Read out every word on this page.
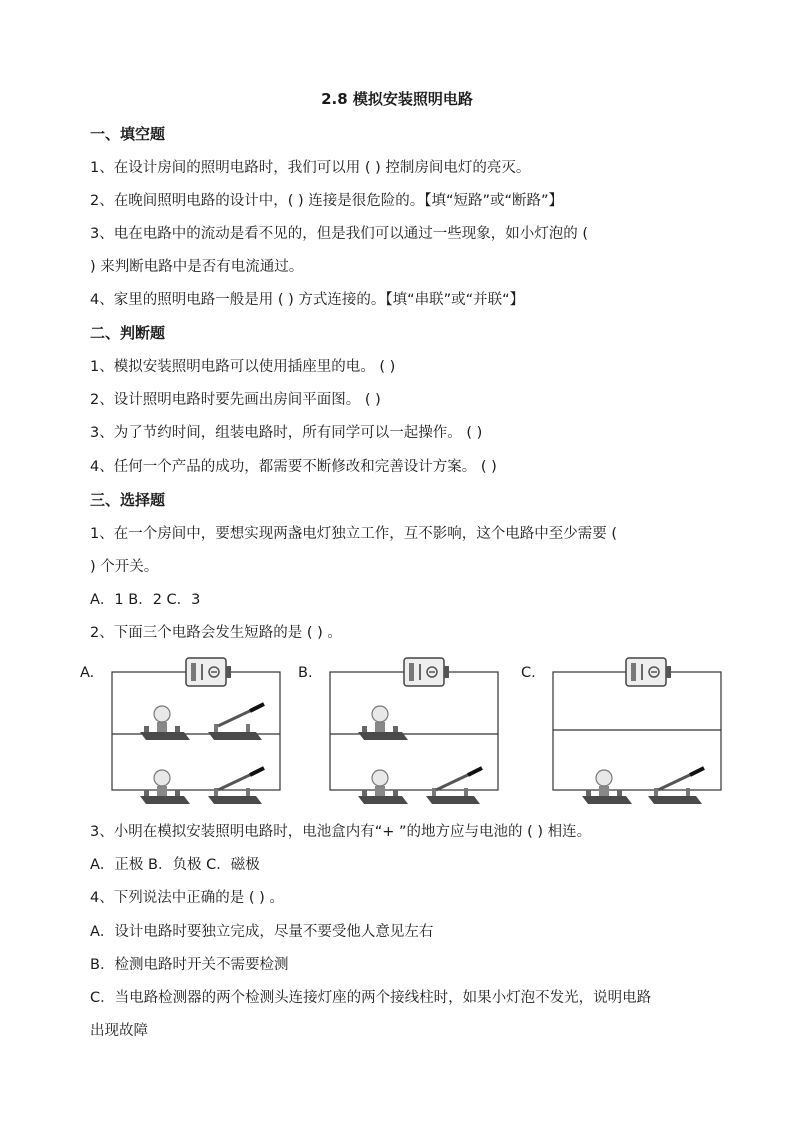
2.8 模拟安装照明电路
一、填空题
1、在设计房间的照明电路时，我们可以用 ( ) 控制房间电灯的亮灭。
2、在晚间照明电路的设计中，( ) 连接是很危险的。【填“短路”或“断路”】
3、电在电路中的流动是看不见的，但是我们可以通过一些现象，如小灯泡的 (
) 来判断电路中是否有电流通过。
4、家里的照明电路一般是用 ( ) 方式连接的。【填“串联”或“并联“】
二、判断题
1、模拟安装照明电路可以使用插座里的电。 ( )
2、设计照明电路时要先画出房间平面图。 ( )
3、为了节约时间，组装电路时，所有同学可以一起操作。 ( )
4、任何一个产品的成功，都需要不断修改和完善设计方案。 ( )
三、选择题
1、在一个房间中，要想实现两盏电灯独立工作，互不影响，这个电路中至少需要 (
) 个开关。
A．1 B．2 C．3
2、下面三个电路会发生短路的是 ( ) 。
A.	B.	C.
3、小明在模拟安装照明电路时，电池盒内有“+ ”的地方应与电池的 ( ) 相连。
A．正极 B．负极 C．磁极
4、下列说法中正确的是 ( ) 。
A．设计电路时要独立完成，尽量不要受他人意见左右
B．检测电路时开关不需要检测
C．当电路检测器的两个检测头连接灯座的两个接线柱时，如果小灯泡不发光，说明电路
出现故障
